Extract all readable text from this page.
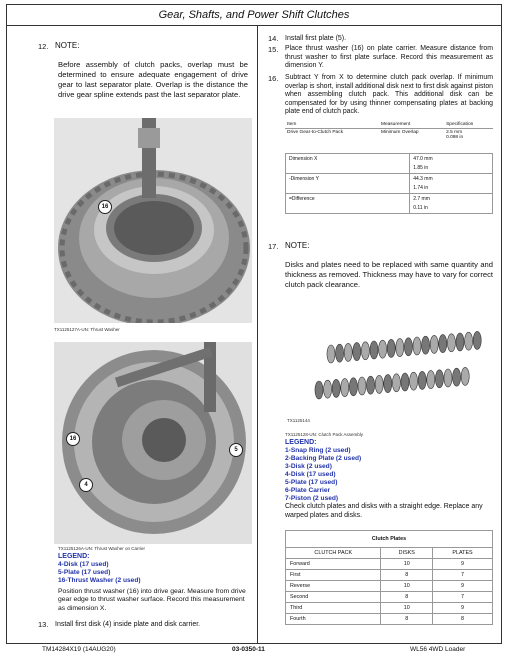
Gear, Shafts, and Power Shift Clutches
12. NOTE:
Before assembly of clutch packs, overlap must be determined to ensure adequate engagement of drive gear to last separator plate. Overlap is the distance the drive gear spline extends past the last separator plate.
16
TX1125127A-UN: Thrust Washer
16
5
4
TX1125126A-UN: Thrust Washer on Carrier
LEGEND:
4-Disk (17 used)
5-Plate (17 used)
16-Thrust Washer (2 used)
Position thrust washer (16) into drive gear. Measure from drive gear edge to thrust washer surface. Record this measurement as dimension X.
13. Install first disk (4) inside plate and disk carrier.
14. Install first plate (5).
15. Place thrust washer (16) on plate carrier. Measure distance from thrust washer to first plate surface. Record this measurement as dimension Y.
16. Subtract Y from X to determine clutch pack overlap. If minimum overlap is short, install additional disk next to first disk against piston when assembling clutch pack. This additional disk can be compensated for by using thinner compensating plates at backing plate end of clutch pack.
Item	Measurement	Specification
Drive Gear-to-Clutch Pack	Minimum Overlap	2.5 mm
0.098 in
Dimension X	47.0 mm
1.85 in

-Dimension Y	44.3 mm
1.74 in

=Difference	2.7 mm
0.11 in
17. NOTE:
Disks and plates need to be replaced with same quantity and thickness as removed. Thickness may have to vary for correct clutch pack clearance.
TX1125144
TX1125128-UN: Clutch Pack Assembly
LEGEND:
1-Snap Ring (2 used)
2-Backing Plate (2 used)
3-Disk (2 used)
4-Disk (17 used)
5-Plate (17 used)
6-Plate Carrier
7-Piston (2 used)
Check clutch plates and disks with a straight edge. Replace any warped plates and disks.
Clutch Plates		
CLUTCH PACK	DISKS	PLATES
Forward	10	9
First	8	7
Reverse	10	9
Second	8	7
Third	10	9
Fourth	8	8
TM14284X19 (14AUG20)	03-0350-11	WL56 4WD Loader
